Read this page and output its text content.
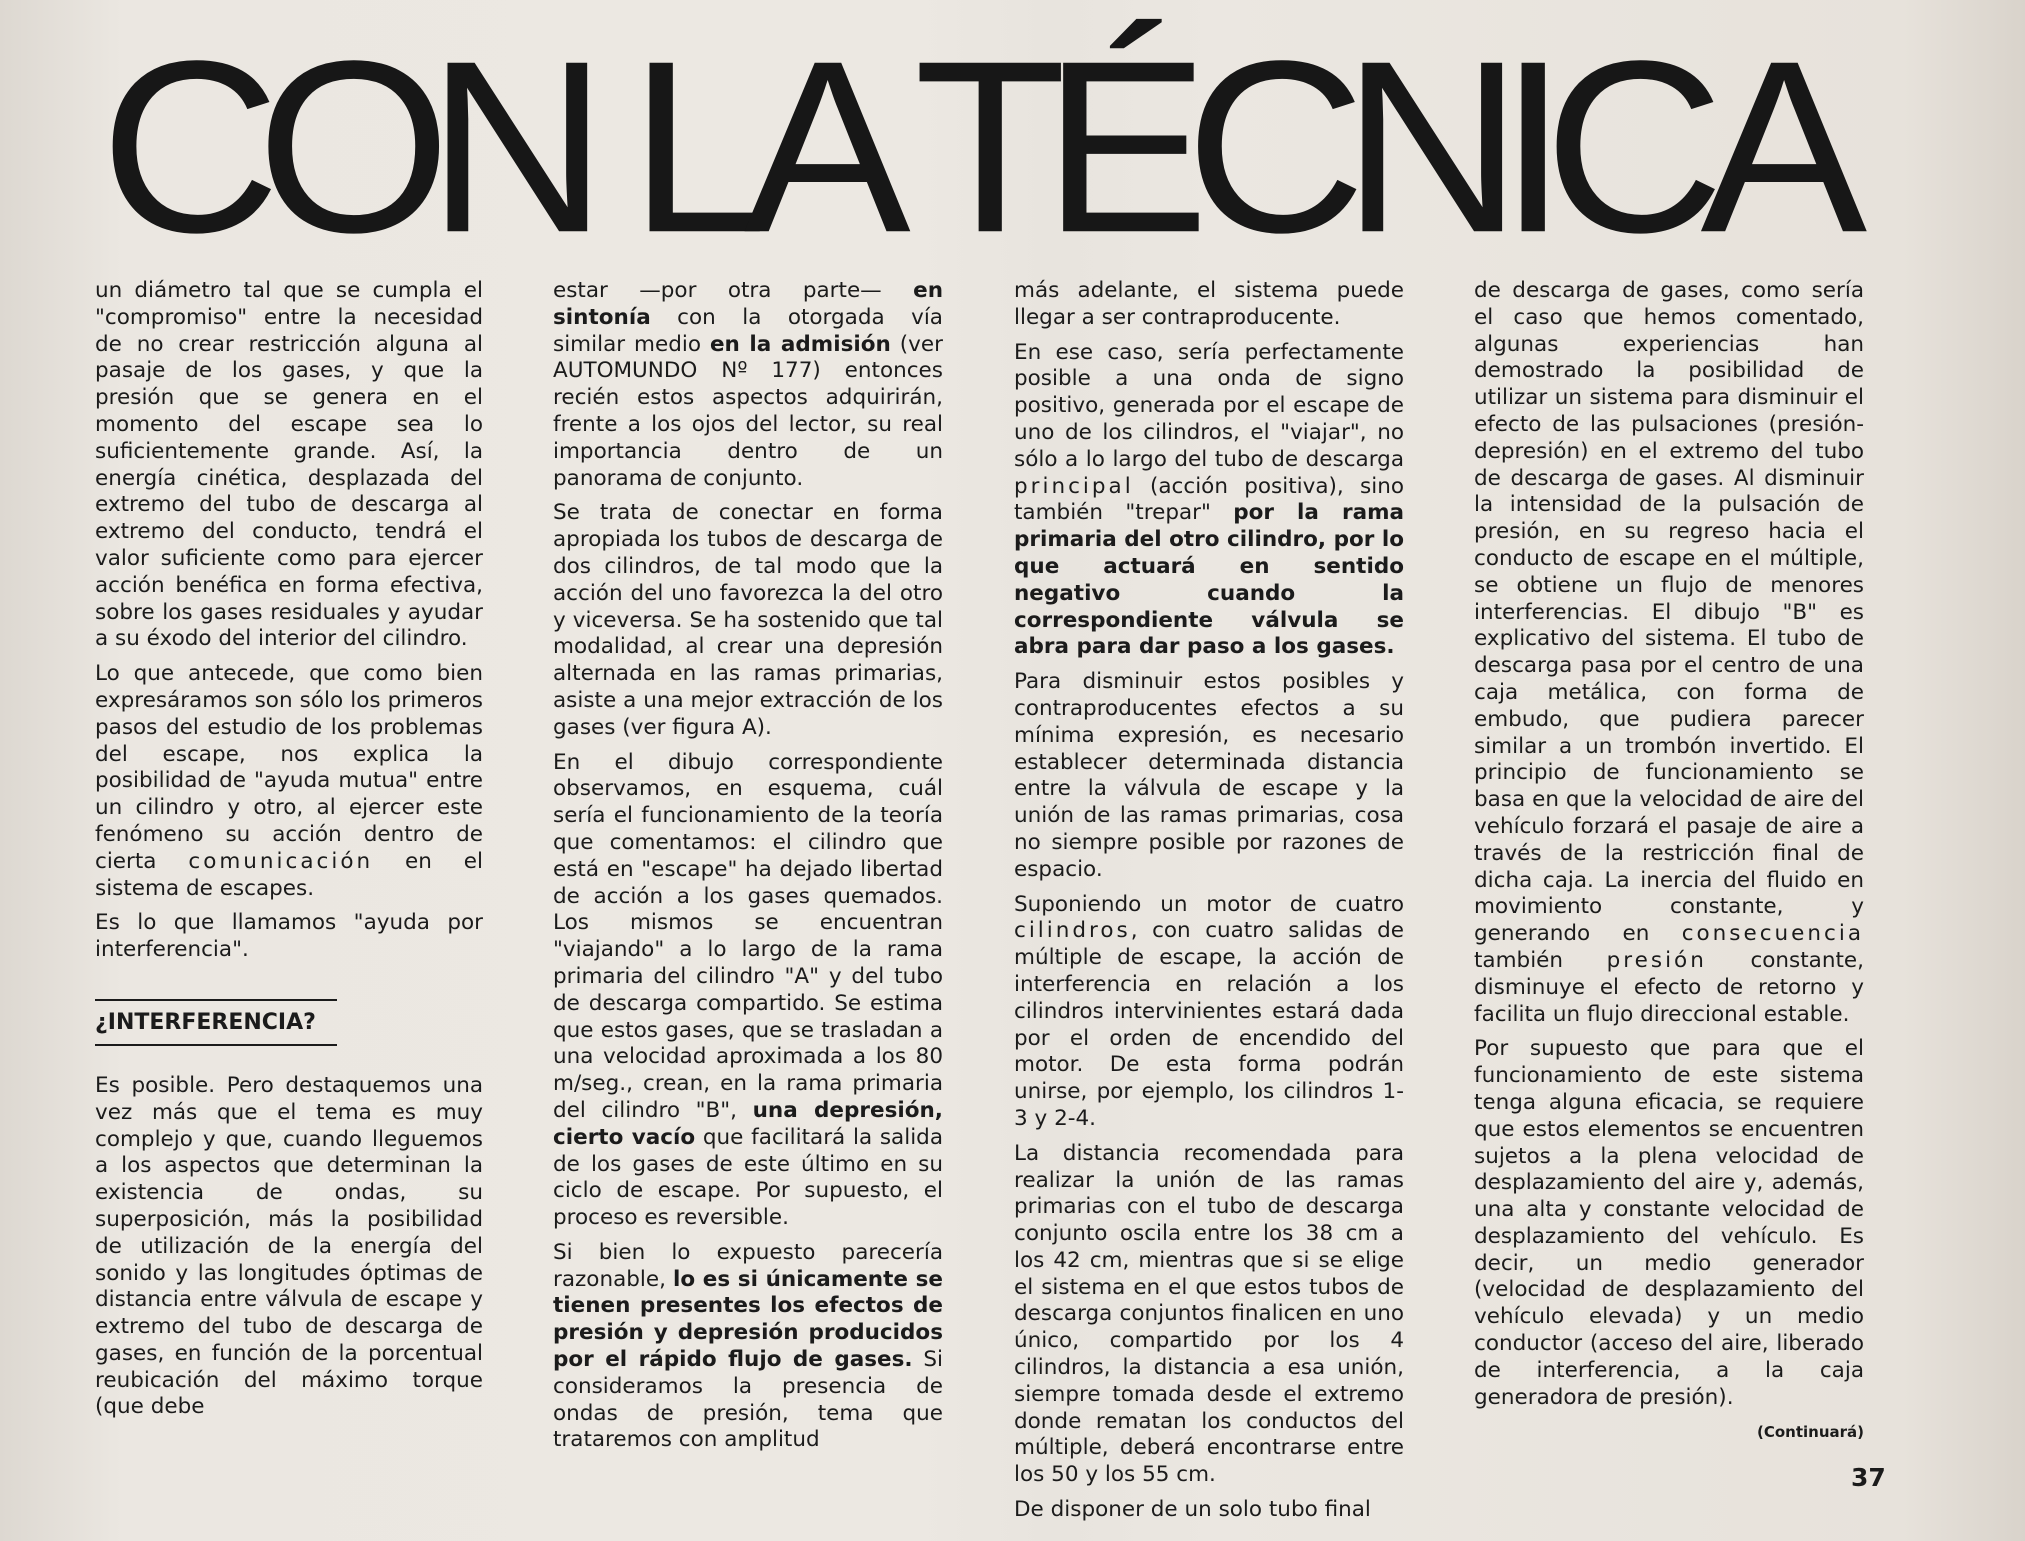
CON LA TÉCNICA

un diámetro tal que se cumpla el "compromiso" entre la necesidad de no crear restricción alguna al pasaje de los gases, y que la presión que se genera en el momento del escape sea lo suficientemente grande. Así, la energía cinética, desplazada del extremo del tubo de descarga al extremo del conducto, tendrá el valor suficiente como para ejercer acción benéfica en forma efectiva, sobre los gases residuales y ayudar a su éxodo del interior del cilindro.

Lo que antecede, que como bien expresáramos son sólo los primeros pasos del estudio de los problemas del escape, nos explica la posibilidad de "ayuda mutua" entre un cilindro y otro, al ejercer este fenómeno su acción dentro de cierta comunicación en el sistema de escapes.

Es lo que llamamos "ayuda por interferencia".

¿INTERFERENCIA?

Es posible. Pero destaquemos una vez más que el tema es muy complejo y que, cuando lleguemos a los aspectos que determinan la existencia de ondas, su superposición, más la posibilidad de utilización de la energía del sonido y las longitudes óptimas de distancia entre válvula de escape y extremo del tubo de descarga de gases, en función de la porcentual reubicación del máximo torque (que debe

estar —por otra parte— en sintonía con la otorgada vía similar medio en la admisión (ver AUTOMUNDO Nº 177) entonces recién estos aspectos adquirirán, frente a los ojos del lector, su real importancia dentro de un panorama de conjunto.

Se trata de conectar en forma apropiada los tubos de descarga de dos cilindros, de tal modo que la acción del uno favorezca la del otro y viceversa. Se ha sostenido que tal modalidad, al crear una depresión alternada en las ramas primarias, asiste a una mejor extracción de los gases (ver figura A).

En el dibujo correspondiente observamos, en esquema, cuál sería el funcionamiento de la teoría que comentamos: el cilindro que está en "escape" ha dejado libertad de acción a los gases quemados. Los mismos se encuentran "viajando" a lo largo de la rama primaria del cilindro "A" y del tubo de descarga compartido. Se estima que estos gases, que se trasladan a una velocidad aproximada a los 80 m/seg., crean, en la rama primaria del cilindro "B", una depresión, cierto vacío que facilitará la salida de los gases de este último en su ciclo de escape. Por supuesto, el proceso es reversible.

Si bien lo expuesto parecería razonable, lo es si únicamente se tienen presentes los efectos de presión y depresión producidos por el rápido flujo de gases. Si consideramos la presencia de ondas de presión, tema que trataremos con amplitud

más adelante, el sistema puede llegar a ser contraproducente.

En ese caso, sería perfectamente posible a una onda de signo positivo, generada por el escape de uno de los cilindros, el "viajar", no sólo a lo largo del tubo de descarga principal (acción positiva), sino también "trepar" por la rama primaria del otro cilindro, por lo que actuará en sentido negativo cuando la correspondiente válvula se abra para dar paso a los gases.

Para disminuir estos posibles y contraproducentes efectos a su mínima expresión, es necesario establecer determinada distancia entre la válvula de escape y la unión de las ramas primarias, cosa no siempre posible por razones de espacio.

Suponiendo un motor de cuatro cilindros, con cuatro salidas de múltiple de escape, la acción de interferencia en relación a los cilindros intervinientes estará dada por el orden de encendido del motor. De esta forma podrán unirse, por ejemplo, los cilindros 1-3 y 2-4.

La distancia recomendada para realizar la unión de las ramas primarias con el tubo de descarga conjunto oscila entre los 38 cm a los 42 cm, mientras que si se elige el sistema en el que estos tubos de descarga conjuntos finalicen en uno único, compartido por los 4 cilindros, la distancia a esa unión, siempre tomada desde el extremo donde rematan los conductos del múltiple, deberá encontrarse entre los 50 y los 55 cm.

De disponer de un solo tubo final

de descarga de gases, como sería el caso que hemos comentado, algunas experiencias han demostrado la posibilidad de utilizar un sistema para disminuir el efecto de las pulsaciones (presión-depresión) en el extremo del tubo de descarga de gases. Al disminuir la intensidad de la pulsación de presión, en su regreso hacia el conducto de escape en el múltiple, se obtiene un flujo de menores interferencias. El dibujo "B" es explicativo del sistema. El tubo de descarga pasa por el centro de una caja metálica, con forma de embudo, que pudiera parecer similar a un trombón invertido. El principio de funcionamiento se basa en que la velocidad de aire del vehículo forzará el pasaje de aire a través de la restricción final de dicha caja. La inercia del fluido en movimiento constante, y generando en consecuencia también presión constante, disminuye el efecto de retorno y facilita un flujo direccional estable.

Por supuesto que para que el funcionamiento de este sistema tenga alguna eficacia, se requiere que estos elementos se encuentren sujetos a la plena velocidad de desplazamiento del aire y, además, una alta y constante velocidad de desplazamiento del vehículo. Es decir, un medio generador (velocidad de desplazamiento del vehículo elevada) y un medio conductor (acceso del aire, liberado de interferencia, a la caja generadora de presión).

(Continuará)
37
